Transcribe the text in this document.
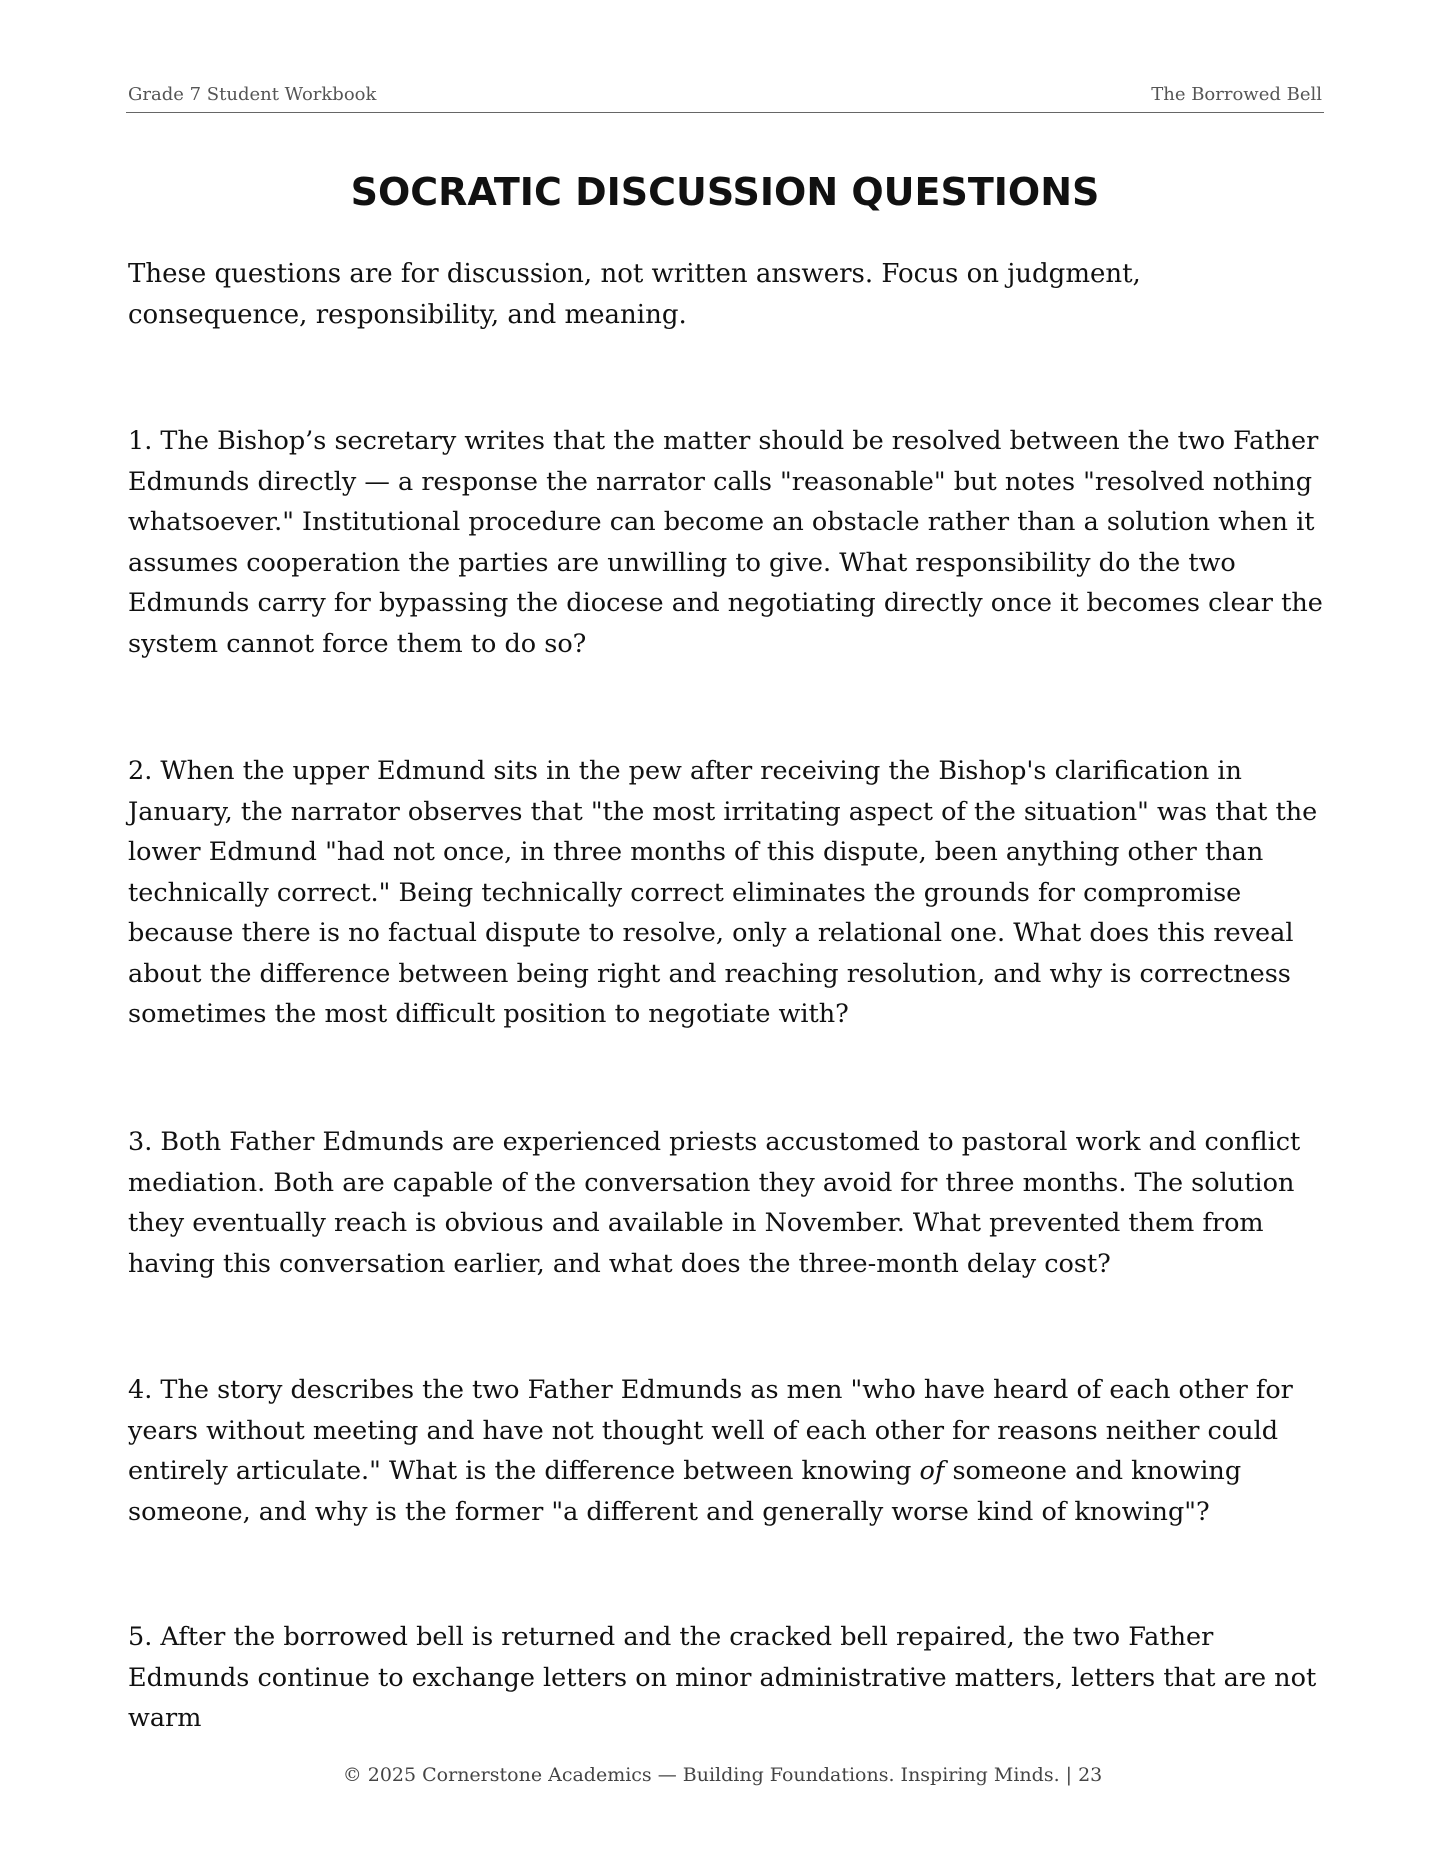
Grade 7 Student Workbook	The Borrowed Bell
SOCRATIC DISCUSSION QUESTIONS

These questions are for discussion, not written answers. Focus on judgment, consequence, responsibility, and meaning.

1. The Bishop’s secretary writes that the matter should be resolved between the two Father Edmunds directly — a response the narrator calls "reasonable" but notes "resolved nothing whatsoever." Institutional procedure can become an obstacle rather than a solution when it assumes cooperation the parties are unwilling to give. What responsibility do the two Edmunds carry for bypassing the diocese and negotiating directly once it becomes clear the system cannot force them to do so?

2. When the upper Edmund sits in the pew after receiving the Bishop's clarification in January, the narrator observes that "the most irritating aspect of the situation" was that the lower Edmund "had not once, in three months of this dispute, been anything other than technically correct." Being technically correct eliminates the grounds for compromise because there is no factual dispute to resolve, only a relational one. What does this reveal about the difference between being right and reaching resolution, and why is correctness sometimes the most difficult position to negotiate with?

3. Both Father Edmunds are experienced priests accustomed to pastoral work and conflict mediation. Both are capable of the conversation they avoid for three months. The solution they eventually reach is obvious and available in November. What prevented them from having this conversation earlier, and what does the three-month delay cost?

4. The story describes the two Father Edmunds as men "who have heard of each other for years without meeting and have not thought well of each other for reasons neither could entirely articulate." What is the difference between knowing of someone and knowing someone, and why is the former "a different and generally worse kind of knowing"?

5. After the borrowed bell is returned and the cracked bell repaired, the two Father Edmunds continue to exchange letters on minor administrative matters, letters that are not warm

© 2025 Cornerstone Academics — Building Foundations. Inspiring Minds. | 23
